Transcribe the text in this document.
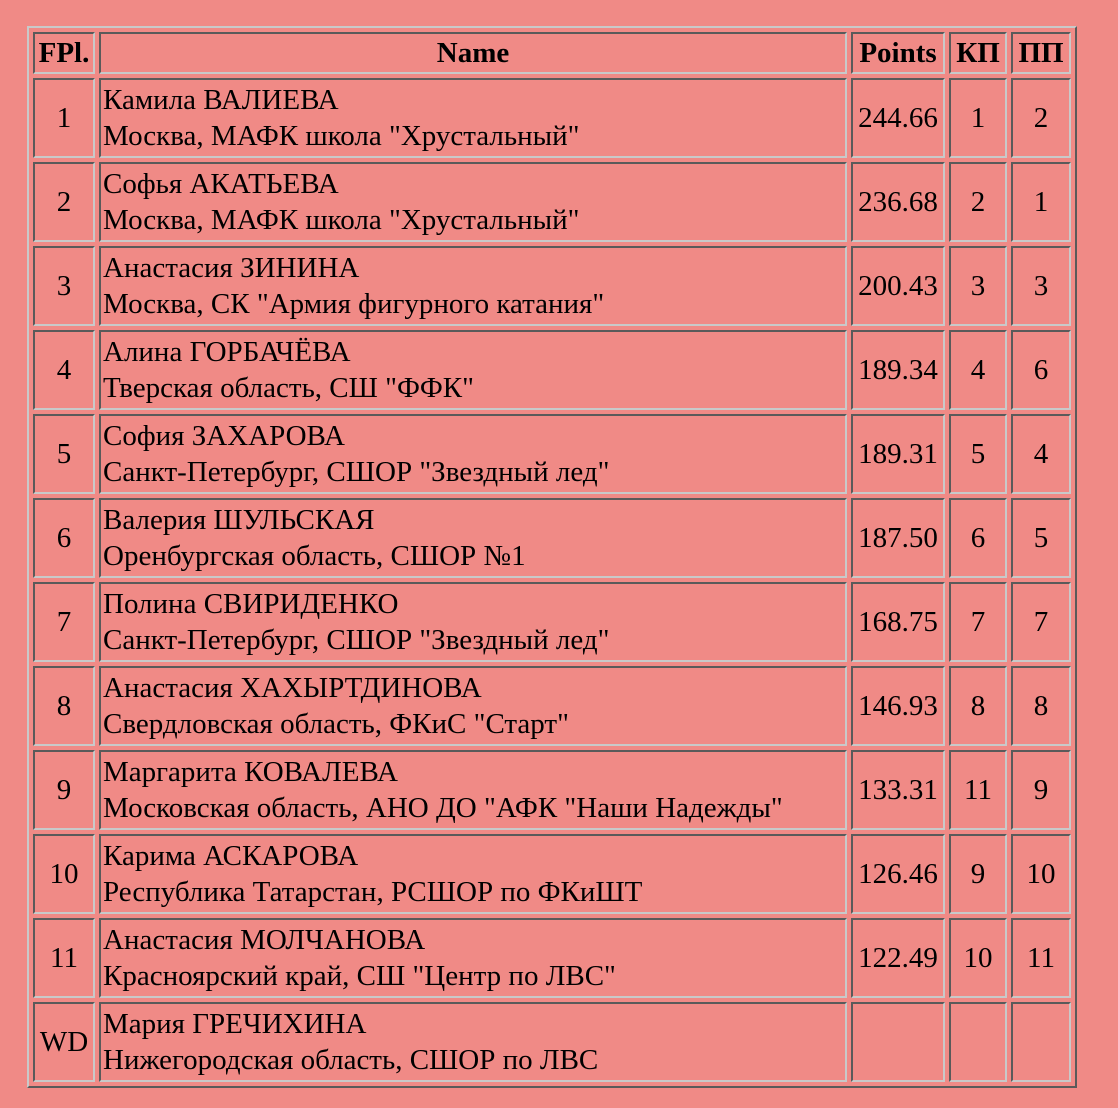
FPl.	Name	Points	КП	ПП
1	Камила ВАЛИЕВА
Москва, МАФК школа "Хрустальный"	244.66	1	2
2	Софья АКАТЬЕВА
Москва, МАФК школа "Хрустальный"	236.68	2	1
3	Анастасия ЗИНИНА
Москва, СК "Армия фигурного катания"	200.43	3	3
4	Алина ГОРБАЧЁВА
Тверская область, СШ "ФФК"	189.34	4	6
5	София ЗАХАРОВА
Санкт-Петербург, СШОР "Звездный лед"	189.31	5	4
6	Валерия ШУЛЬСКАЯ
Оренбургская область, СШОР №1	187.50	6	5
7	Полина СВИРИДЕНКО
Санкт-Петербург, СШОР "Звездный лед"	168.75	7	7
8	Анастасия ХАХЫРТДИНОВА
Свердловская область, ФКиС "Старт"	146.93	8	8
9	Маргарита КОВАЛЕВА
Московская область, АНО ДО "АФК "Наши Надежды"	133.31	11	9
10	Карима АСКАРОВА
Республика Татарстан, РСШОР по ФКиШТ	126.46	9	10
11	Анастасия МОЛЧАНОВА
Красноярский край, СШ "Центр по ЛВС"	122.49	10	11
WD	Мария ГРЕЧИХИНА
Нижегородская область, СШОР по ЛВС			
